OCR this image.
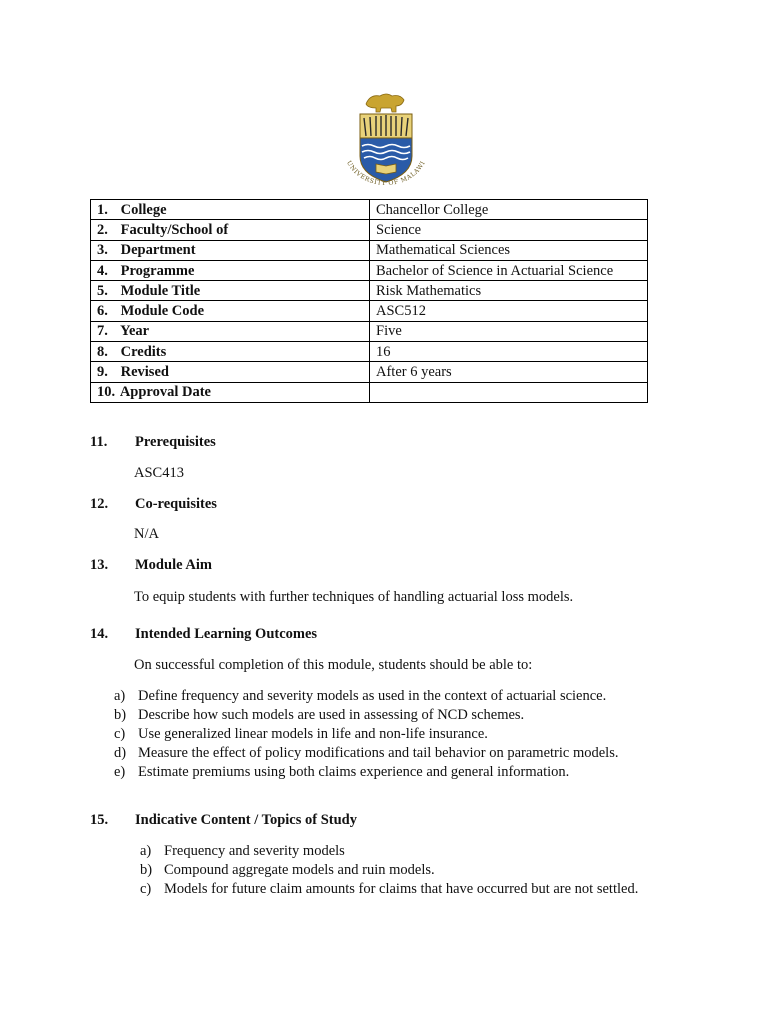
UNIVERSITY OF MALAWI
1. College	Chancellor College
2. Faculty/School of	Science
3. Department	Mathematical Sciences
4. Programme	Bachelor of Science in Actuarial Science
5. Module Title	Risk Mathematics
6. Module Code	ASC512
7. Year	Five
8. Credits	16
9. Revised	After 6 years
10. Approval Date	
11. Prerequisites
ASC413
12. Co-requisites
N/A
13. Module Aim
To equip students with further techniques of handling actuarial loss models.
14. Intended Learning Outcomes
On successful completion of this module, students should be able to:
a) Define frequency and severity models as used in the context of actuarial science.
b) Describe how such models are used in assessing of NCD schemes.
c) Use generalized linear models in life and non-life insurance.
d) Measure the effect of policy modifications and tail behavior on parametric models.
e) Estimate premiums using both claims experience and general information.
15. Indicative Content / Topics of Study
a) Frequency and severity models
b) Compound aggregate models and ruin models.
c) Models for future claim amounts for claims that have occurred but are not settled.
